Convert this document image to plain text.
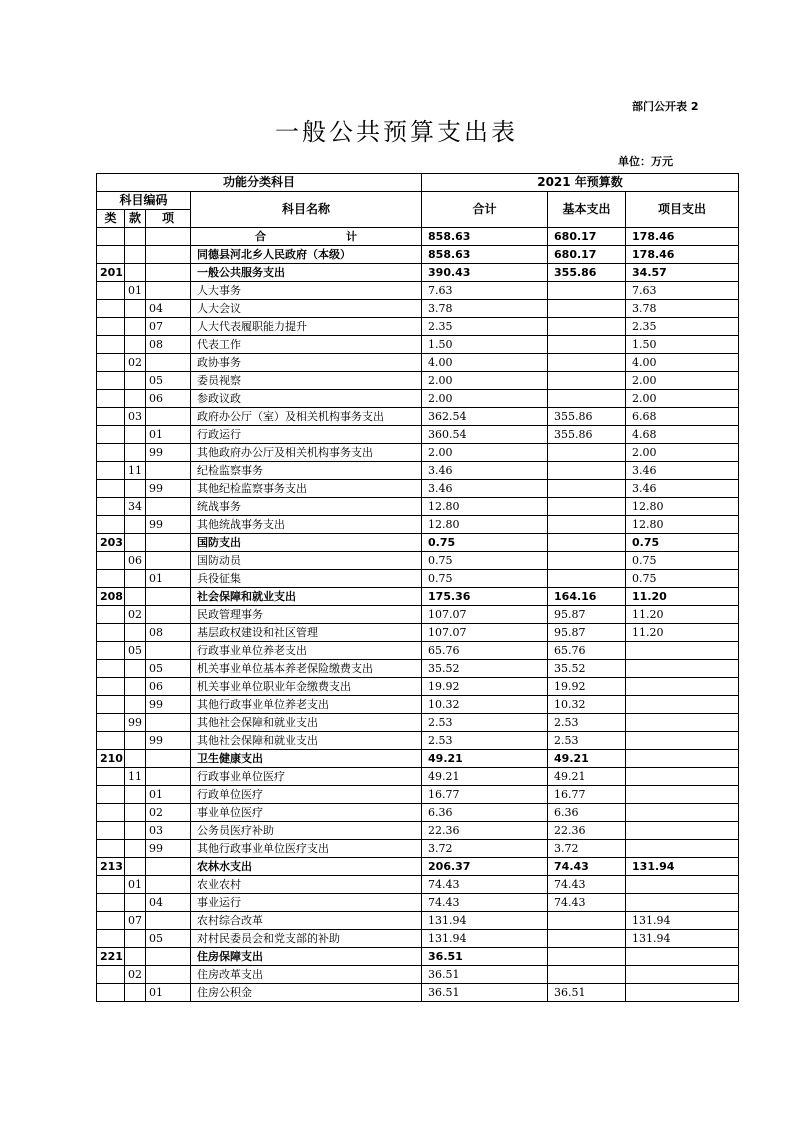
部门公开表 2
一般公共预算支出表
单位：万元
功能分类科目				2021 年预算数		
科目编码			科目名称	合计	基本支出	项目支出
类	款	项				
			合 计	858.63	680.17	178.46
			同德县河北乡人民政府（本级）	858.63	680.17	178.46
201			一般公共服务支出	390.43	355.86	34.57
	01		人大事务	7.63		7.63
		04	人大会议	3.78		3.78
		07	人大代表履职能力提升	2.35		2.35
		08	代表工作	1.50		1.50
	02		政协事务	4.00		4.00
		05	委员视察	2.00		2.00
		06	参政议政	2.00		2.00
	03		政府办公厅（室）及相关机构事务支出	362.54	355.86	6.68
		01	行政运行	360.54	355.86	4.68
		99	其他政府办公厅及相关机构事务支出	2.00		2.00
	11		纪检监察事务	3.46		3.46
		99	其他纪检监察事务支出	3.46		3.46
	34		统战事务	12.80		12.80
		99	其他统战事务支出	12.80		12.80
203			国防支出	0.75		0.75
	06		国防动员	0.75		0.75
		01	兵役征集	0.75		0.75
208			社会保障和就业支出	175.36	164.16	11.20
	02		民政管理事务	107.07	95.87	11.20
		08	基层政权建设和社区管理	107.07	95.87	11.20
	05		行政事业单位养老支出	65.76	65.76	
		05	机关事业单位基本养老保险缴费支出	35.52	35.52	
		06	机关事业单位职业年金缴费支出	19.92	19.92	
		99	其他行政事业单位养老支出	10.32	10.32	
	99		其他社会保障和就业支出	2.53	2.53	
		99	其他社会保障和就业支出	2.53	2.53	
210			卫生健康支出	49.21	49.21	
	11		行政事业单位医疗	49.21	49.21	
		01	行政单位医疗	16.77	16.77	
		02	事业单位医疗	6.36	6.36	
		03	公务员医疗补助	22.36	22.36	
		99	其他行政事业单位医疗支出	3.72	3.72	
213			农林水支出	206.37	74.43	131.94
	01		农业农村	74.43	74.43	
		04	事业运行	74.43	74.43	
	07		农村综合改革	131.94		131.94
		05	对村民委员会和党支部的补助	131.94		131.94
221			住房保障支出	36.51		
	02		住房改革支出	36.51		
		01	住房公积金	36.51	36.51	
